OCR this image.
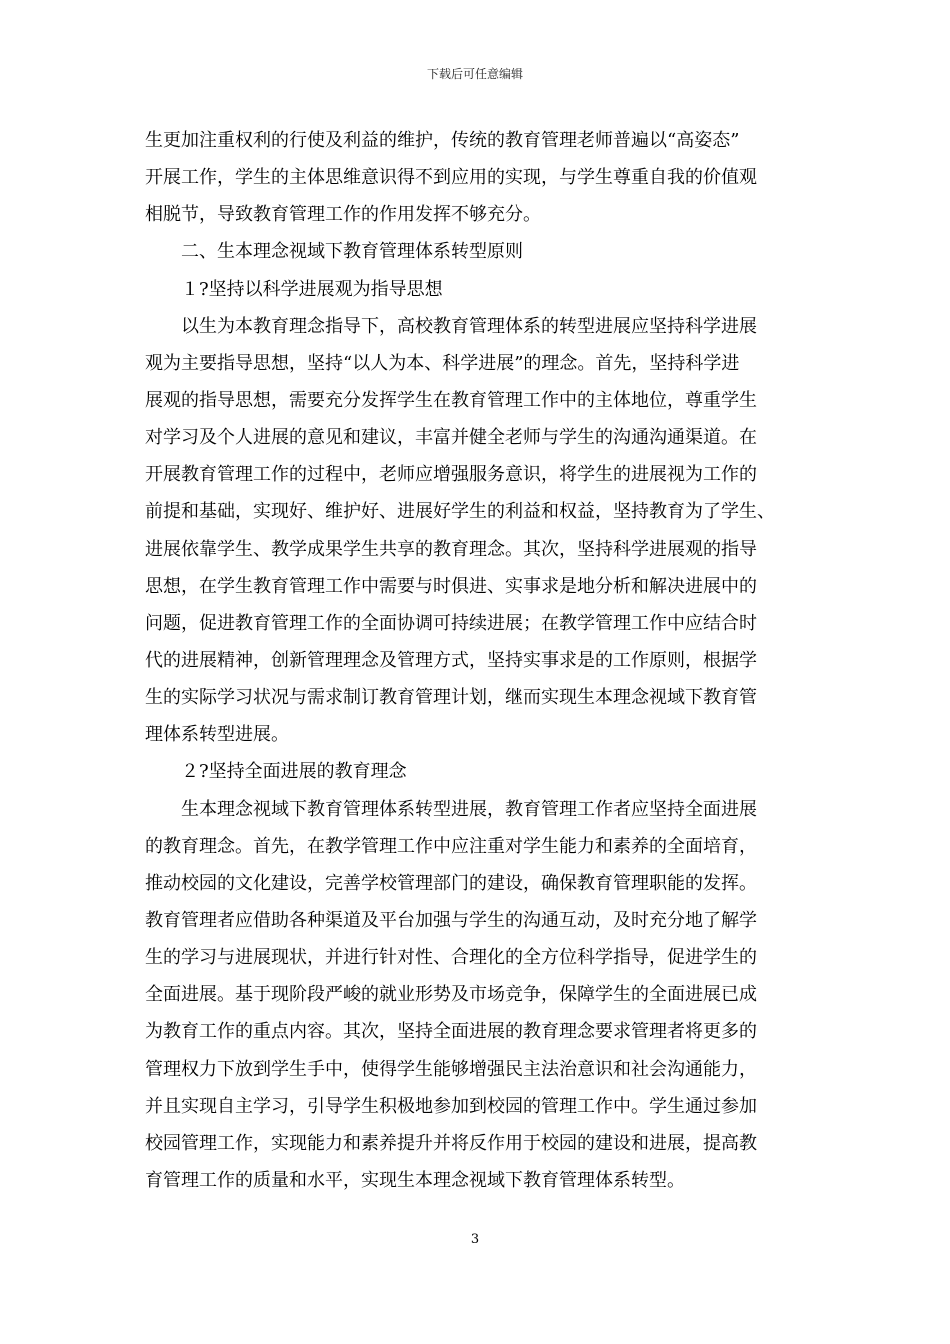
下载后可任意编辑
生更加注重权利的行使及利益的维护，传统的教育管理老师普遍以“高姿态”
开展工作，学生的主体思维意识得不到应用的实现，与学生尊重自我的价值观
相脱节，导致教育管理工作的作用发挥不够充分。
　　二、生本理念视域下教育管理体系转型原则
　　１?坚持以科学进展观为指导思想
　　以生为本教育理念指导下，高校教育管理体系的转型进展应坚持科学进展
观为主要指导思想，坚持“以人为本、科学进展”的理念。首先，坚持科学进
展观的指导思想，需要充分发挥学生在教育管理工作中的主体地位，尊重学生
对学习及个人进展的意见和建议，丰富并健全老师与学生的沟通沟通渠道。在
开展教育管理工作的过程中，老师应增强服务意识，将学生的进展视为工作的
前提和基础，实现好、维护好、进展好学生的利益和权益，坚持教育为了学生、
进展依靠学生、教学成果学生共享的教育理念。其次，坚持科学进展观的指导
思想，在学生教育管理工作中需要与时俱进、实事求是地分析和解决进展中的
问题，促进教育管理工作的全面协调可持续进展；在教学管理工作中应结合时
代的进展精神，创新管理理念及管理方式，坚持实事求是的工作原则，根据学
生的实际学习状况与需求制订教育管理计划，继而实现生本理念视域下教育管
理体系转型进展。
　　２?坚持全面进展的教育理念
　　生本理念视域下教育管理体系转型进展，教育管理工作者应坚持全面进展
的教育理念。首先，在教学管理工作中应注重对学生能力和素养的全面培育，
推动校园的文化建设，完善学校管理部门的建设，确保教育管理职能的发挥。
教育管理者应借助各种渠道及平台加强与学生的沟通互动，及时充分地了解学
生的学习与进展现状，并进行针对性、合理化的全方位科学指导，促进学生的
全面进展。基于现阶段严峻的就业形势及市场竞争，保障学生的全面进展已成
为教育工作的重点内容。其次，坚持全面进展的教育理念要求管理者将更多的
管理权力下放到学生手中，使得学生能够增强民主法治意识和社会沟通能力，
并且实现自主学习，引导学生积极地参加到校园的管理工作中。学生通过参加
校园管理工作，实现能力和素养提升并将反作用于校园的建设和进展，提高教
育管理工作的质量和水平，实现生本理念视域下教育管理体系转型。
3
